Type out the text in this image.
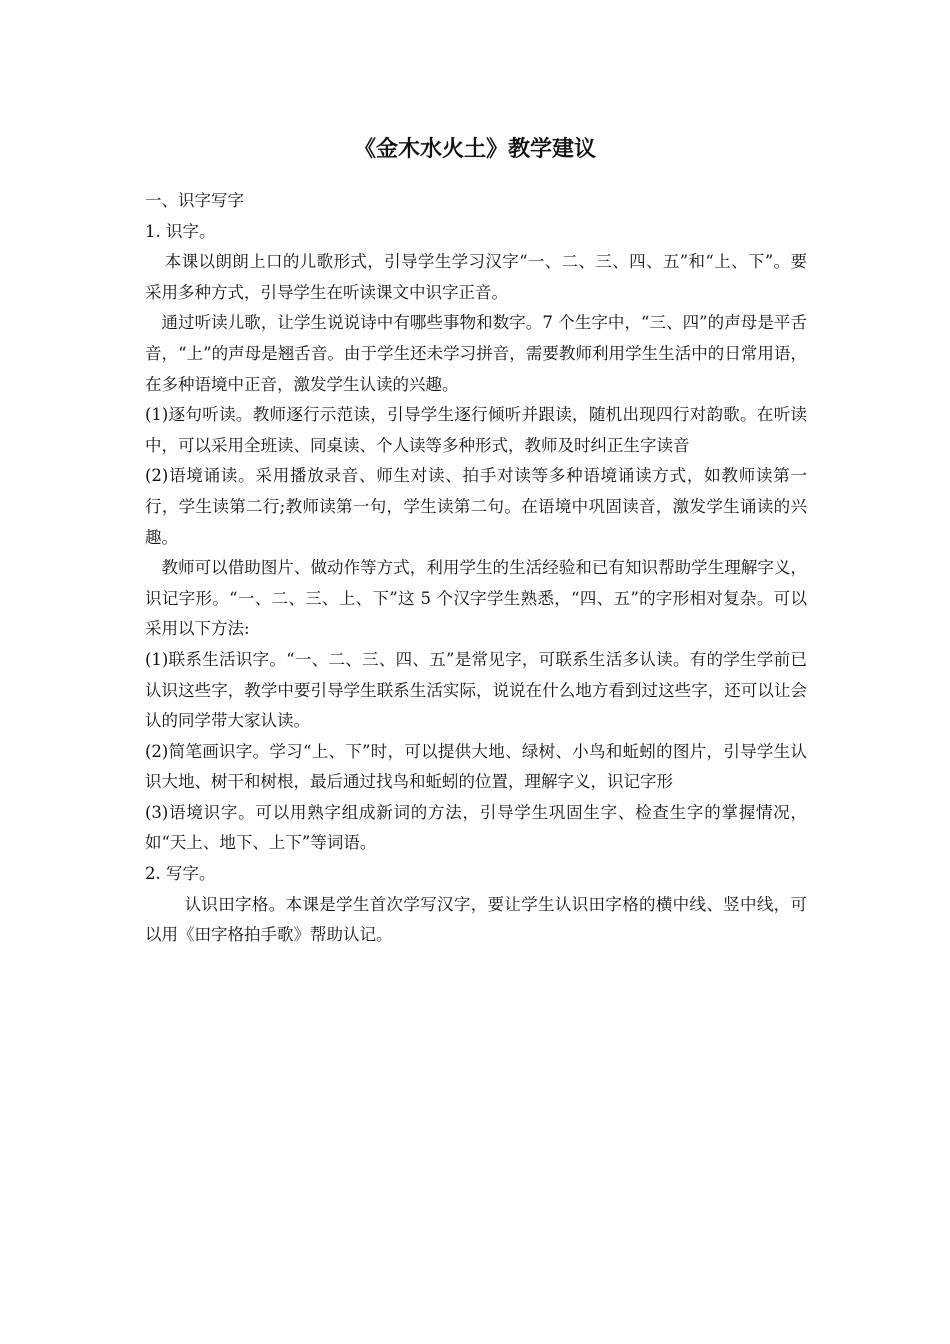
《金木水火土》教学建议

一、识字写字

1. 识字。

本课以朗朗上口的儿歌形式，引导学生学习汉字“一、二、三、四、五”和“上、下”。要采用多种方式，引导学生在听读课文中识字正音。

通过听读儿歌，让学生说说诗中有哪些事物和数字。7 个生字中，“三、四”的声母是平舌音，“上”的声母是翘舌音。由于学生还未学习拼音，需要教师利用学生生活中的日常用语，在多种语境中正音，激发学生认读的兴趣。

(1)逐句听读。教师逐行示范读，引导学生逐行倾听并跟读，随机出现四行对韵歌。在听读中，可以采用全班读、同桌读、个人读等多种形式，教师及时纠正生字读音

(2)语境诵读。采用播放录音、师生对读、拍手对读等多种语境诵读方式，如教师读第一行，学生读第二行;教师读第一句，学生读第二句。在语境中巩固读音，激发学生诵读的兴趣。

教师可以借助图片、做动作等方式，利用学生的生活经验和已有知识帮助学生理解字义，识记字形。“一、二、三、上、下”这 5 个汉字学生熟悉，“四、五”的字形相对复杂。可以采用以下方法:

(1)联系生活识字。“一、二、三、四、五”是常见字，可联系生活多认读。有的学生学前已认识这些字，教学中要引导学生联系生活实际，说说在什么地方看到过这些字，还可以让会认的同学带大家认读。

(2)简笔画识字。学习“上、下”时，可以提供大地、绿树、小鸟和蚯蚓的图片，引导学生认识大地、树干和树根，最后通过找鸟和蚯蚓的位置，理解字义，识记字形

(3)语境识字。可以用熟字组成新词的方法，引导学生巩固生字、检查生字的掌握情况，如“天上、地下、上下”等词语。

2. 写字。

认识田字格。本课是学生首次学写汉字，要让学生认识田字格的横中线、竖中线，可以用《田字格拍手歌》帮助认记。
